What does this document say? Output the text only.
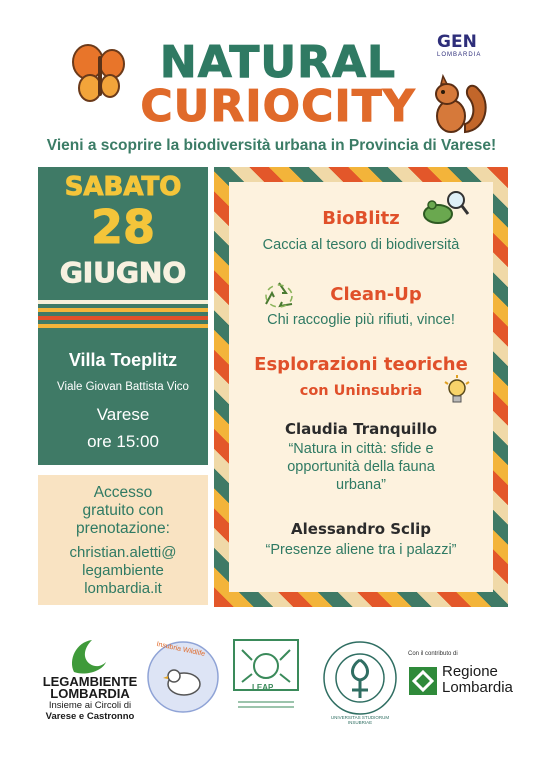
NATURAL
CURIOCITY
GEN
LOMBARDIA
Vieni a scoprire la biodiversità urbana in Provincia di Varese!
SABATO
28
GIUGNO
Villa Toeplitz
Viale Giovan Battista Vico
Varese
ore 15:00
Accesso
gratuito con
prenotazione:
christian.aletti@
legambiente
lombardia.it
BioBlitz
Caccia al tesoro di biodiversità
Clean-Up
Chi raccoglie più rifiuti, vince!
Esplorazioni teoriche
con Uninsubria
Claudia Tranquillo
“Natura in città: sfide e
opportunità della fauna
urbana”
Alessandro Sclip
“Presenze aliene tra i palazzi”
LEGAMBIENTE
LOMBARDIA
Insieme ai Circoli di
Varese e Castronno
Insubria Wildlife
LEAP
UNIVERSITAS STUDIORUM INSUBRIAE
Con il contributo di
Regione
Lombardia
